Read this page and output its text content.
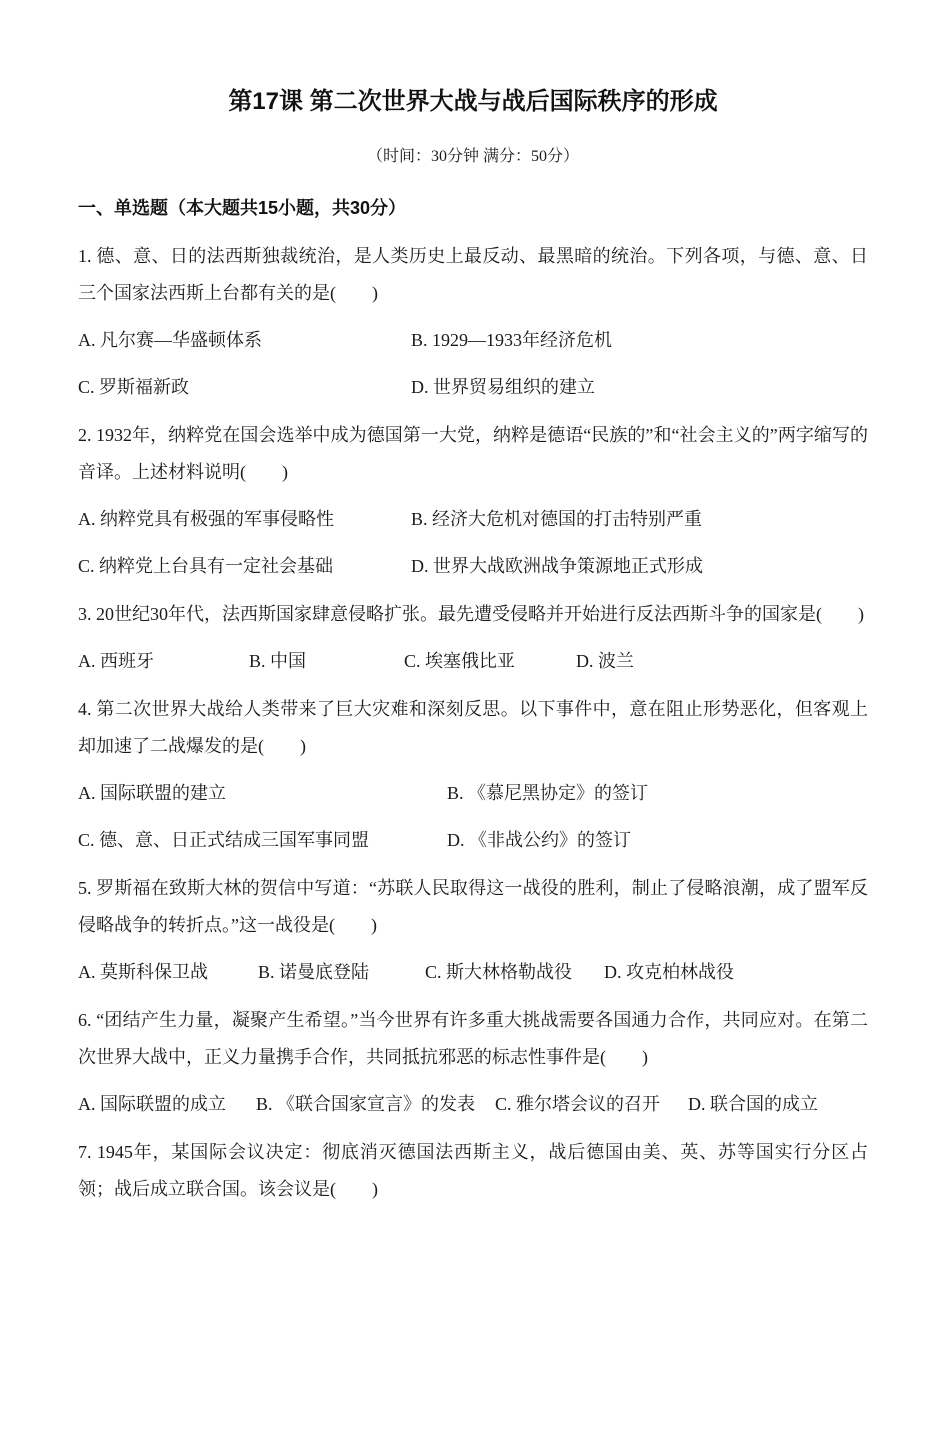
第17课 第二次世界大战与战后国际秩序的形成

（时间：30分钟 满分：50分）

一、单选题（本大题共15小题，共30分）

1. 德、意、日的法西斯独裁统治，是人类历史上最反动、最黑暗的统治。下列各项，与德、意、日三个国家法西斯上台都有关的是(　　)

A. 凡尔赛—华盛顿体系	B. 1929—1933年经济危机

C. 罗斯福新政	D. 世界贸易组织的建立

2. 1932年，纳粹党在国会选举中成为德国第一大党，纳粹是德语“民族的”和“社会主义的”两字缩写的音译。上述材料说明(　　)

A. 纳粹党具有极强的军事侵略性	B. 经济大危机对德国的打击特别严重

C. 纳粹党上台具有一定社会基础	D. 世界大战欧洲战争策源地正式形成

3. 20世纪30年代，法西斯国家肆意侵略扩张。最先遭受侵略并开始进行反法西斯斗争的国家是(　　)

A. 西班牙	B. 中国	C. 埃塞俄比亚	D. 波兰

4. 第二次世界大战给人类带来了巨大灾难和深刻反思。以下事件中，意在阻止形势恶化，但客观上却加速了二战爆发的是(　　)

A. 国际联盟的建立	B. 《慕尼黑协定》的签订

C. 德、意、日正式结成三国军事同盟	D. 《非战公约》的签订

5. 罗斯福在致斯大林的贺信中写道：“苏联人民取得这一战役的胜利，制止了侵略浪潮，成了盟军反侵略战争的转折点。”这一战役是(　　)

A. 莫斯科保卫战	B. 诺曼底登陆	C. 斯大林格勒战役 D. 攻克柏林战役

6. “团结产生力量，凝聚产生希望。”当今世界有许多重大挑战需要各国通力合作，共同应对。在第二次世界大战中，正义力量携手合作，共同抵抗邪恶的标志性事件是(　　)

A. 国际联盟的成立 B. 《联合国家宣言》的发表 C. 雅尔塔会议的召开 D. 联合国的成立

7. 1945年，某国际会议决定：彻底消灭德国法西斯主义，战后德国由美、英、苏等国实行分区占领；战后成立联合国。该会议是(　　)
